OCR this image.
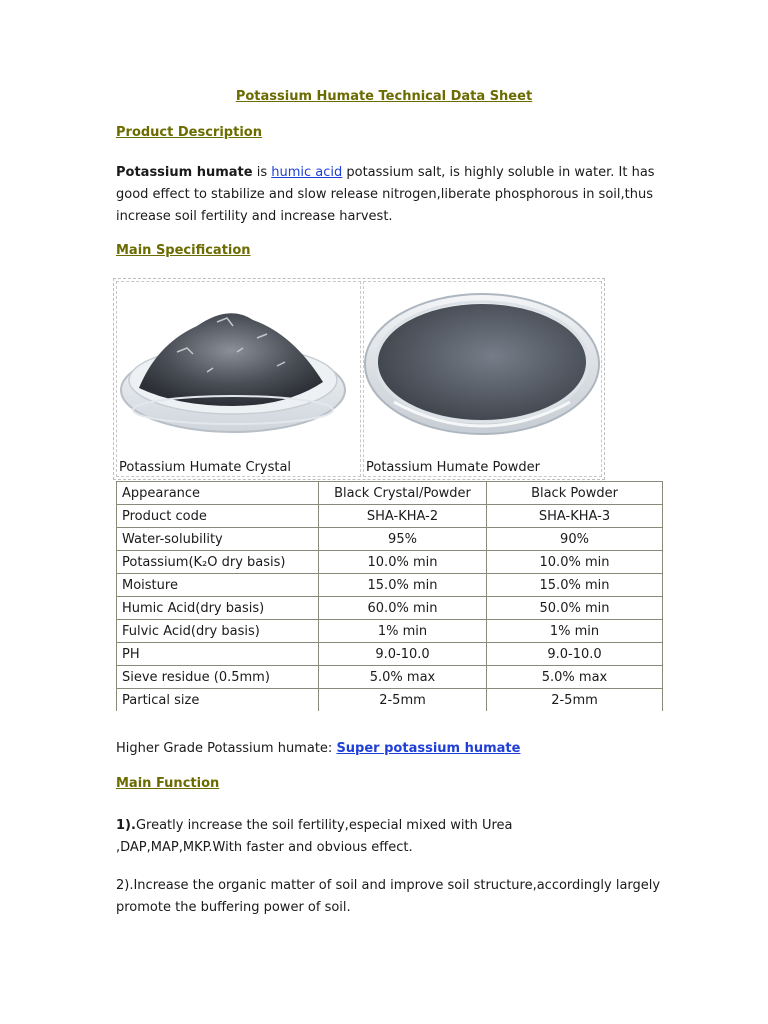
Potassium Humate Technical Data Sheet
Product Description
Potassium humate is humic acid potassium salt, is highly soluble in water. It has good effect to stabilize and slow release nitrogen,liberate phosphorous in soil,thus increase soil fertility and increase harvest.
Main Specification
Potassium Humate Crystal	Potassium Humate Powder
Appearance	Black Crystal/Powder	Black Powder
Product code	SHA-KHA-2	SHA-KHA-3
Water-solubility	95%	90%
Potassium(K₂O dry basis)	10.0% min	10.0% min
Moisture	15.0% min	15.0% min
Humic Acid(dry basis)	60.0% min	50.0% min
Fulvic Acid(dry basis)	1% min	1% min
PH	9.0-10.0	9.0-10.0
Sieve residue (0.5mm)	5.0% max	5.0% max
Partical size	2-5mm	2-5mm
Higher Grade Potassium humate: Super potassium humate
Main Function
1).Greatly increase the soil fertility,especial mixed with Urea ,DAP,MAP,MKP.With faster and obvious effect.
2).Increase the organic matter of soil and improve soil structure,accordingly largely promote the buffering power of soil.
